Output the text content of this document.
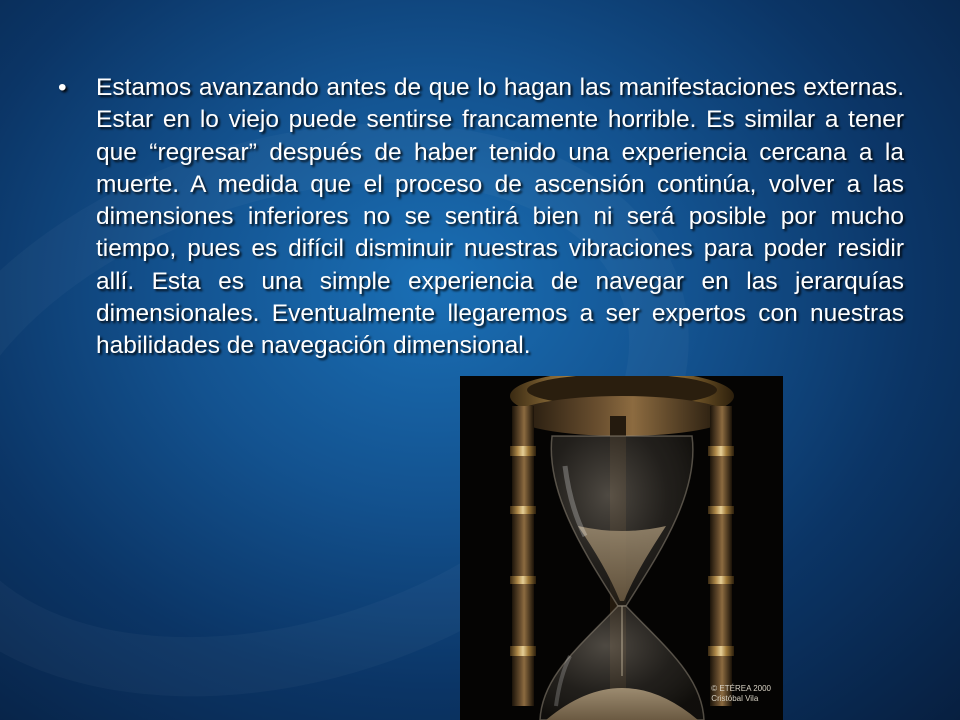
•	Estamos avanzando antes de que lo hagan las manifestaciones externas. Estar en lo viejo puede sentirse francamente horrible. Es similar a tener que “regresar” después de haber tenido una experiencia cercana a la muerte. A medida que el proceso de ascensión continúa, volver a las dimensiones inferiores no se sentirá bien ni será posible por mucho tiempo, pues es difícil disminuir nuestras vibraciones para poder residir allí. Esta es una simple experiencia de navegar en las jerarquías dimensionales. Eventualmente llegaremos a ser expertos con nuestras habilidades de navegación dimensional.
© ETÉREA 2000
Cristóbal Vila
